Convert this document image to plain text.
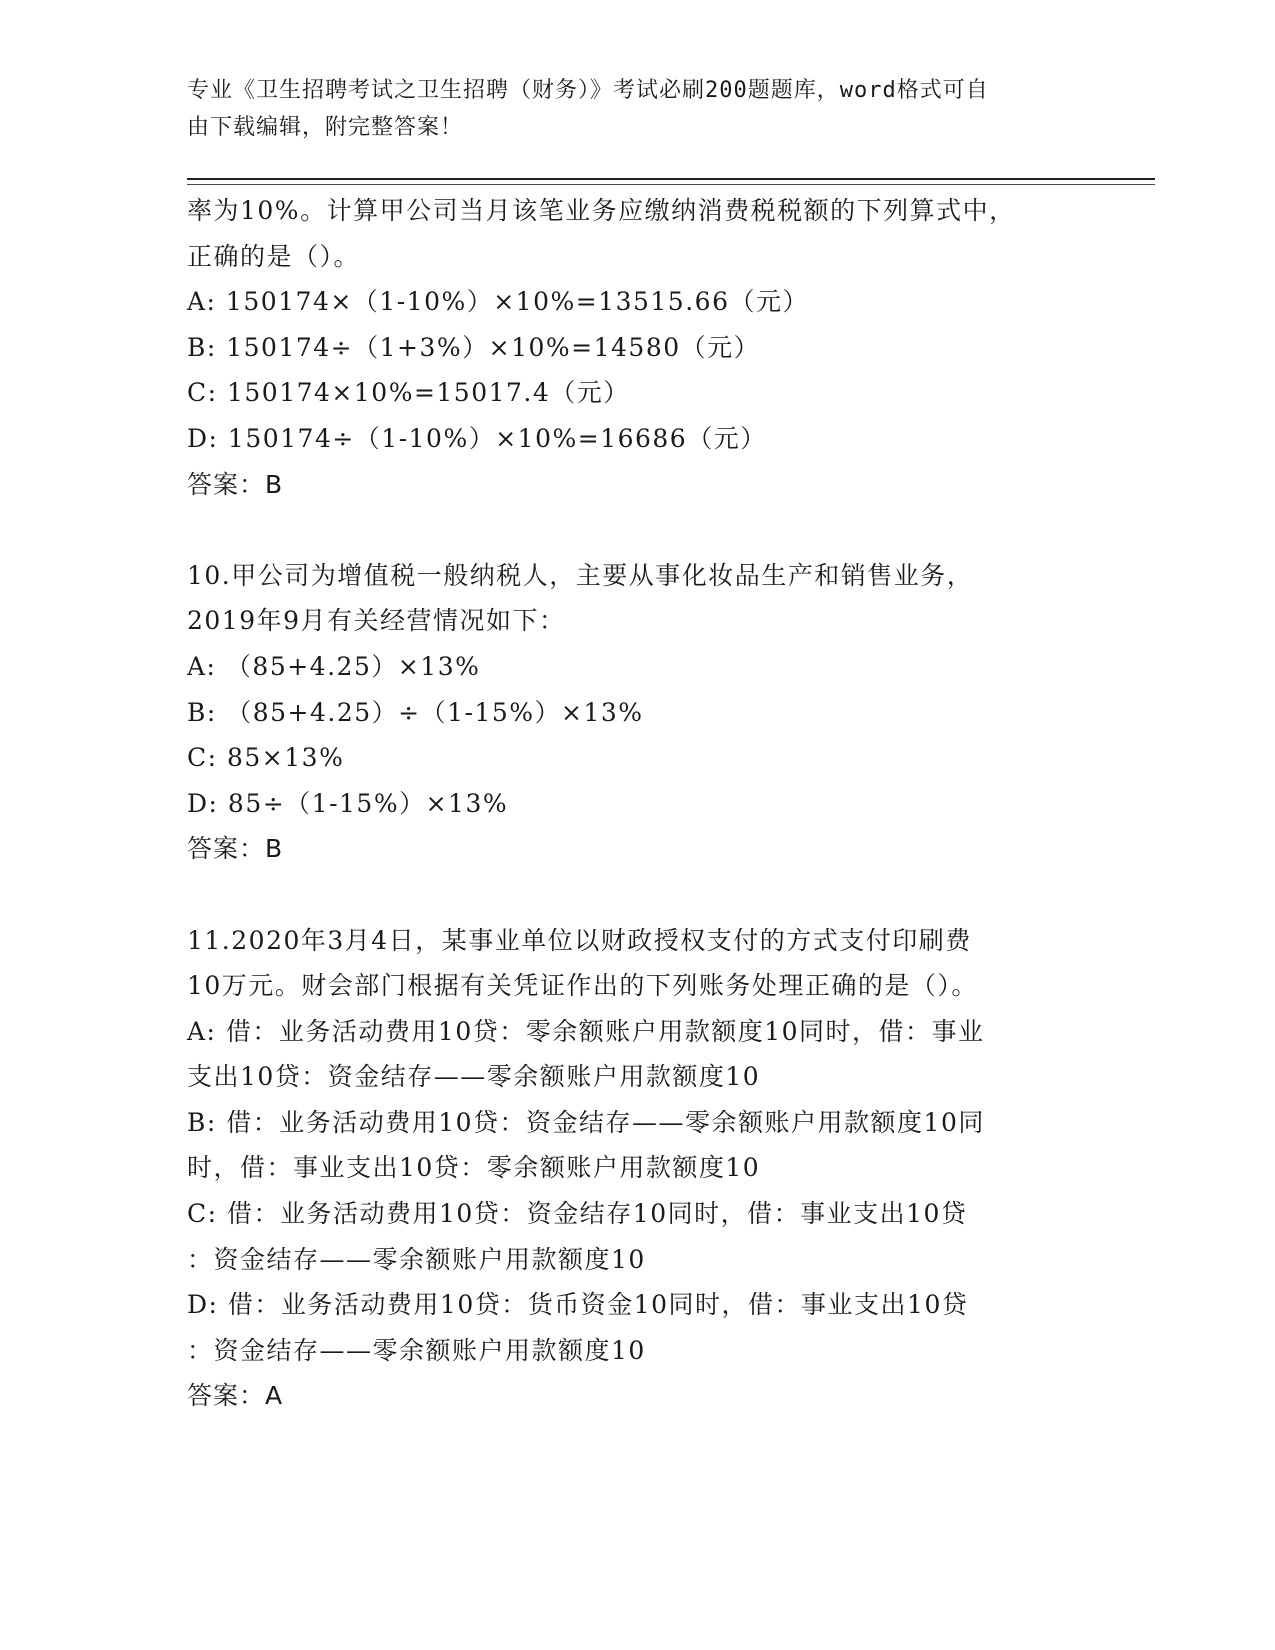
专业《卫生招聘考试之卫生招聘（财务）》考试必刷200题题库，word格式可自
由下载编辑，附完整答案！
率为10%。计算甲公司当月该笔业务应缴纳消费税税额的下列算式中，
正确的是（）。
A: 150174×（1-10%）×10%=13515.66（元）
B: 150174÷（1+3%）×10%=14580（元）
C: 150174×10%=15017.4（元）
D: 150174÷（1-10%）×10%=16686（元）
答案：B
10.甲公司为增值税一般纳税人，主要从事化妆品生产和销售业务，
2019年9月有关经营情况如下：
A: （85+4.25）×13%
B: （85+4.25）÷（1-15%）×13%
C: 85×13%
D: 85÷（1-15%）×13%
答案：B
11.2020年3月4日，某事业单位以财政授权支付的方式支付印刷费
10万元。财会部门根据有关凭证作出的下列账务处理正确的是（）。
A: 借：业务活动费用10贷：零余额账户用款额度10同时，借：事业
支出10贷：资金结存——零余额账户用款额度10
B: 借：业务活动费用10贷：资金结存——零余额账户用款额度10同
时，借：事业支出10贷：零余额账户用款额度10
C: 借：业务活动费用10贷：资金结存10同时，借：事业支出10贷
：资金结存——零余额账户用款额度10
D: 借：业务活动费用10贷：货币资金10同时，借：事业支出10贷
：资金结存——零余额账户用款额度10
答案：A
